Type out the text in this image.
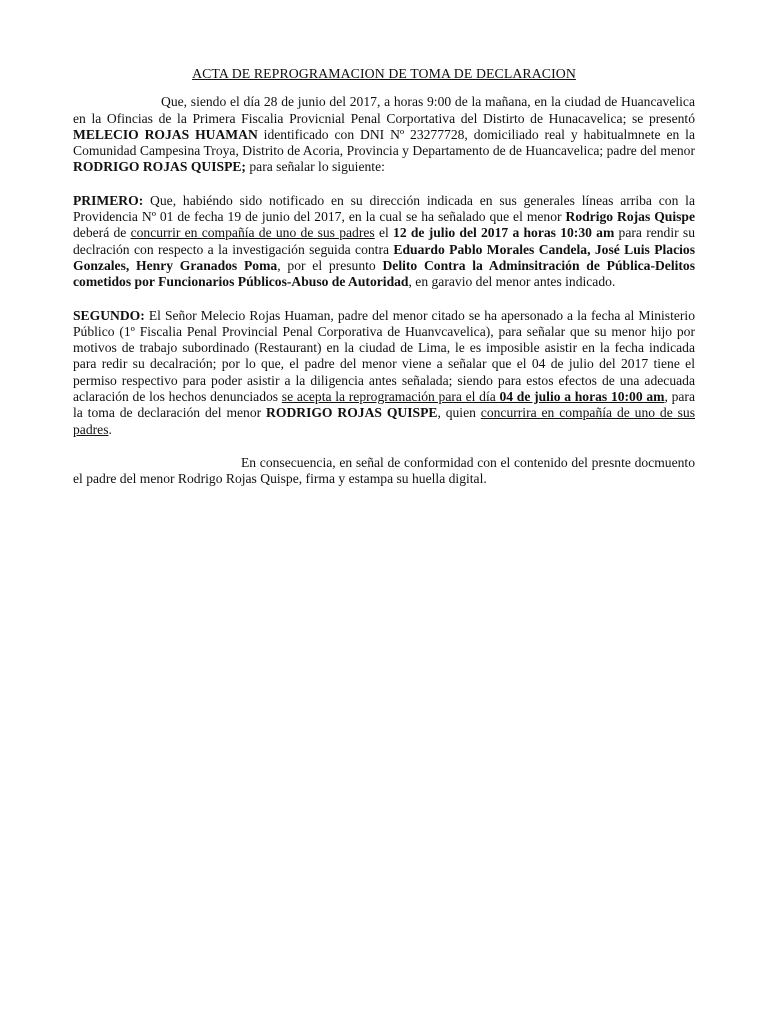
ACTA DE REPROGRAMACION DE TOMA DE DECLARACION

Que, siendo el día 28 de junio del 2017, a horas 9:00 de la mañana, en la ciudad de Huancavelica en la Ofincias de la Primera Fiscalia Provicnial Penal Corportativa del Distirto de Hunacavelica; se presentó MELECIO ROJAS HUAMAN identificado con DNI Nº 23277728, domiciliado real y habitualmnete en la Comunidad Campesina Troya, Distrito de Acoria, Provincia y Departamento de de Huancavelica; padre del menor RODRIGO ROJAS QUISPE; para señalar lo siguiente:

PRIMERO: Que, habiéndo sido notificado en su dirección indicada en sus generales líneas arriba con la Providencia Nº 01 de fecha 19 de junio del 2017, en la cual se ha señalado que el menor Rodrigo Rojas Quispe deberá de concurrir en compañía de uno de sus padres el 12 de julio del 2017 a horas 10:30 am para rendir su declración con respecto a la investigación seguida contra Eduardo Pablo Morales Candela, José Luis Placios Gonzales, Henry Granados Poma, por el presunto Delito Contra la Adminsitración de Pública-Delitos cometidos por Funcionarios Públicos-Abuso de Autoridad, en garavio del menor antes indicado.

SEGUNDO: El Señor Melecio Rojas Huaman, padre del menor citado se ha apersonado a la fecha al Ministerio Público (1º Fiscalia Penal Provincial Penal Corporativa de Huanvcavelica), para señalar que su menor hijo por motivos de trabajo subordinado (Restaurant) en la ciudad de Lima, le es imposible asistir en la fecha indicada para redir su decalración; por lo que, el padre del menor viene a señalar que el 04 de julio del 2017 tiene el permiso respectivo para poder asistir a la diligencia antes señalada; siendo para estos efectos de una adecuada aclaración de los hechos denunciados se acepta la reprogramación para el día 04 de julio a horas 10:00 am, para la toma de declaración del menor RODRIGO ROJAS QUISPE, quien concurrira en compañía de uno de sus padres.

En consecuencia, en señal de conformidad con el contenido del presnte docmuento el padre del menor Rodrigo Rojas Quispe, firma y estampa su huella digital.
